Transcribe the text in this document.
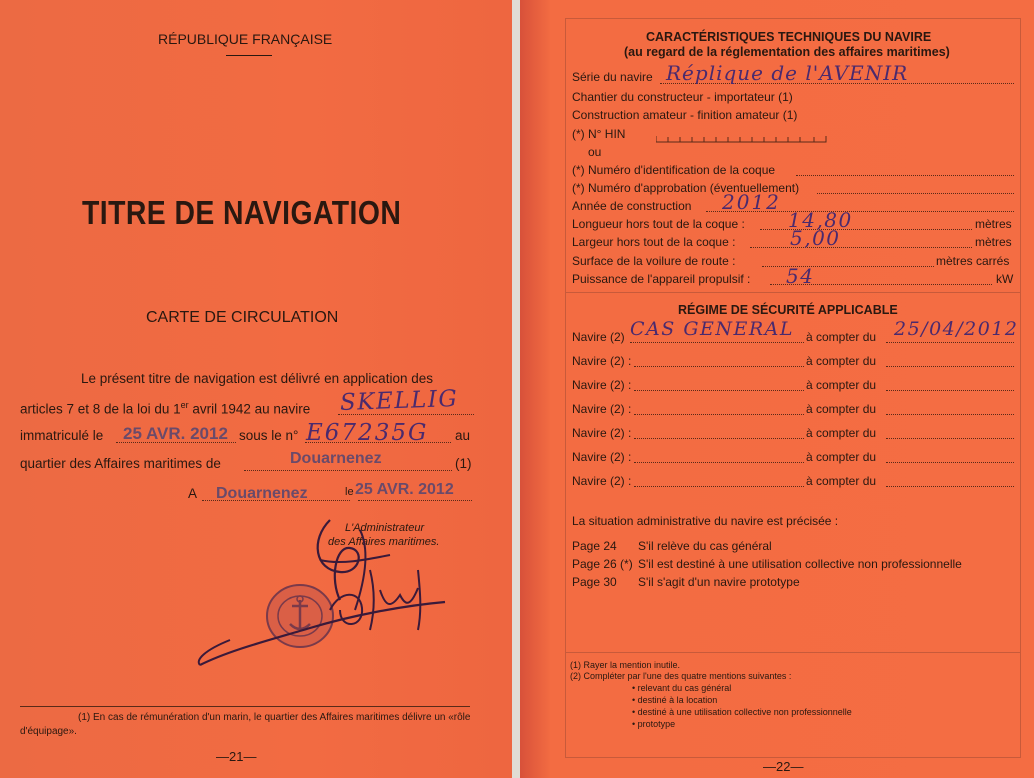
RÉPUBLIQUE FRANÇAISE
TITRE DE NAVIGATION
CARTE DE CIRCULATION
Le présent titre de navigation est délivré en application des
articles 7 et 8 de la loi du 1er avril 1942 au navire SKELLIG
immatriculé le 25 AVR. 2012 sous le n° E67235G au
quartier des Affaires maritimes de	Douarnenez	(1)
A Douarnenez	le 25 AVR. 2012
L'Administrateur
des Affaires maritimes.
(1) En cas de rémunération d'un marin, le quartier des Affaires maritimes délivre un «rôle d'équipage».
—21—
CARACTÉRISTIQUES TECHNIQUES DU NAVIRE
(au regard de la réglementation des affaires maritimes)
Série du navire Réplique de l'AVENIR
Chantier du constructeur - importateur (1)
Construction amateur - finition amateur (1)
(*) N° HIN
ou
(*) Numéro d'identification de la coque
(*) Numéro d'approbation (éventuellement)
Année de construction 2012
Longueur hors tout de la coque : 14,80	mètres
Largeur hors tout de la coque :	5,00	mètres
Surface de la voilure de route :	mètres carrés
Puissance de l'appareil propulsif : 54	kW
RÉGIME DE SÉCURITÉ APPLICABLE
Navire (2) CAS GENERAL à compter du 25/04/2012
Navire (2) :	à compter du
Navire (2) :	à compter du
Navire (2) :	à compter du
Navire (2) :	à compter du
Navire (2) :	à compter du
Navire (2) :	à compter du
La situation administrative du navire est précisée :
Page 24 S'il relève du cas général
Page 26 (*) S'il est destiné à une utilisation collective non professionnelle
Page 30 S'il s'agit d'un navire prototype
(1) Rayer la mention inutile.
(2) Compléter par l'une des quatre mentions suivantes :
• relevant du cas général
• destiné à la location
• destiné à une utilisation collective non professionnelle
• prototype
—22—
